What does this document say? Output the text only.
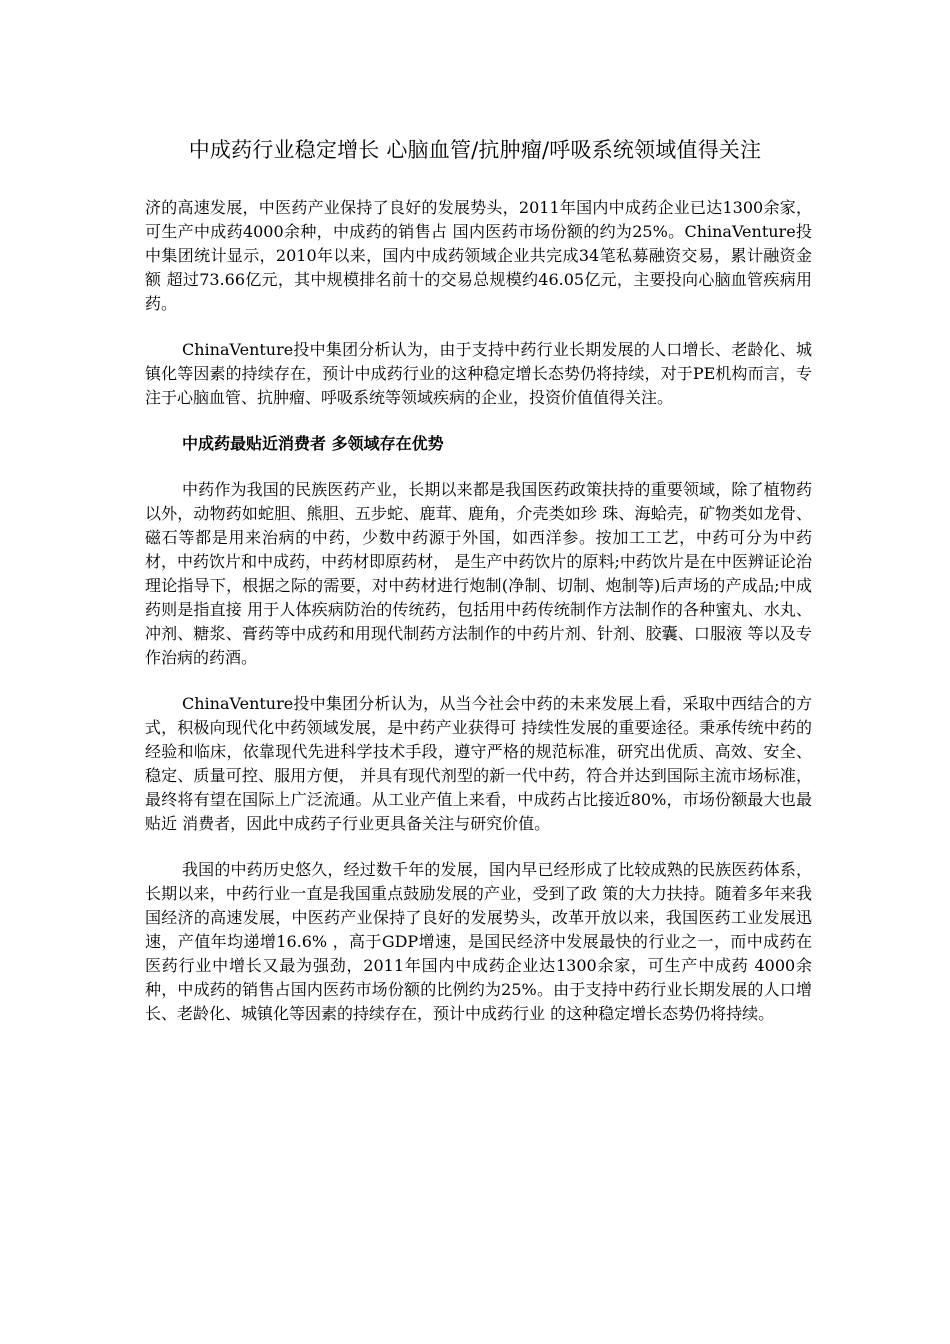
中成药行业稳定增长 心脑血管/抗肿瘤/呼吸系统领域值得关注

济的高速发展，中医药产业保持了良好的发展势头，2011年国内中成药企业已达1300余家，可生产中成药4000余种，中成药的销售占 国内医药市场份额的约为25%。ChinaVenture投中集团统计显示，2010年以来，国内中成药领域企业共完成34笔私募融资交易，累计融资金额 超过73.66亿元，其中规模排名前十的交易总规模约46.05亿元，主要投向心脑血管疾病用药。

ChinaVenture投中集团分析认为，由于支持中药行业长期发展的人口增长、老龄化、城镇化等因素的持续存在，预计中成药行业的这种稳定增长态势仍将持续，对于PE机构而言，专注于心脑血管、抗肿瘤、呼吸系统等领域疾病的企业，投资价值值得关注。

中成药最贴近消费者 多领域存在优势

中药作为我国的民族医药产业，长期以来都是我国医药政策扶持的重要领域，除了植物药以外，动物药如蛇胆、熊胆、五步蛇、鹿茸、鹿角，介壳类如珍 珠、海蛤壳，矿物类如龙骨、磁石等都是用来治病的中药，少数中药源于外国，如西洋参。按加工工艺，中药可分为中药材，中药饮片和中成药，中药材即原药材， 是生产中药饮片的原料;中药饮片是在中医辨证论治理论指导下，根据之际的需要，对中药材进行炮制(净制、切制、炮制等)后声场的产成品;中成药则是指直接 用于人体疾病防治的传统药，包括用中药传统制作方法制作的各种蜜丸、水丸、冲剂、糖浆、膏药等中成药和用现代制药方法制作的中药片剂、针剂、胶囊、口服液 等以及专作治病的药酒。

ChinaVenture投中集团分析认为，从当今社会中药的未来发展上看，采取中西结合的方式，积极向现代化中药领域发展，是中药产业获得可 持续性发展的重要途径。秉承传统中药的经验和临床，依靠现代先进科学技术手段，遵守严格的规范标准，研究出优质、高效、安全、稳定、质量可控、服用方便， 并具有现代剂型的新一代中药，符合并达到国际主流市场标准，最终将有望在国际上广泛流通。从工业产值上来看，中成药占比接近80%，市场份额最大也最贴近 消费者，因此中成药子行业更具备关注与研究价值。

我国的中药历史悠久，经过数千年的发展，国内早已经形成了比较成熟的民族医药体系，长期以来，中药行业一直是我国重点鼓励发展的产业，受到了政 策的大力扶持。随着多年来我国经济的高速发展，中医药产业保持了良好的发展势头，改革开放以来，我国医药工业发展迅速，产值年均递增16.6% ，高于GDP增速，是国民经济中发展最快的行业之一，而中成药在医药行业中增长又最为强劲，2011年国内中成药企业达1300余家，可生产中成药 4000余种，中成药的销售占国内医药市场份额的比例约为25%。由于支持中药行业长期发展的人口增长、老龄化、城镇化等因素的持续存在，预计中成药行业 的这种稳定增长态势仍将持续。
